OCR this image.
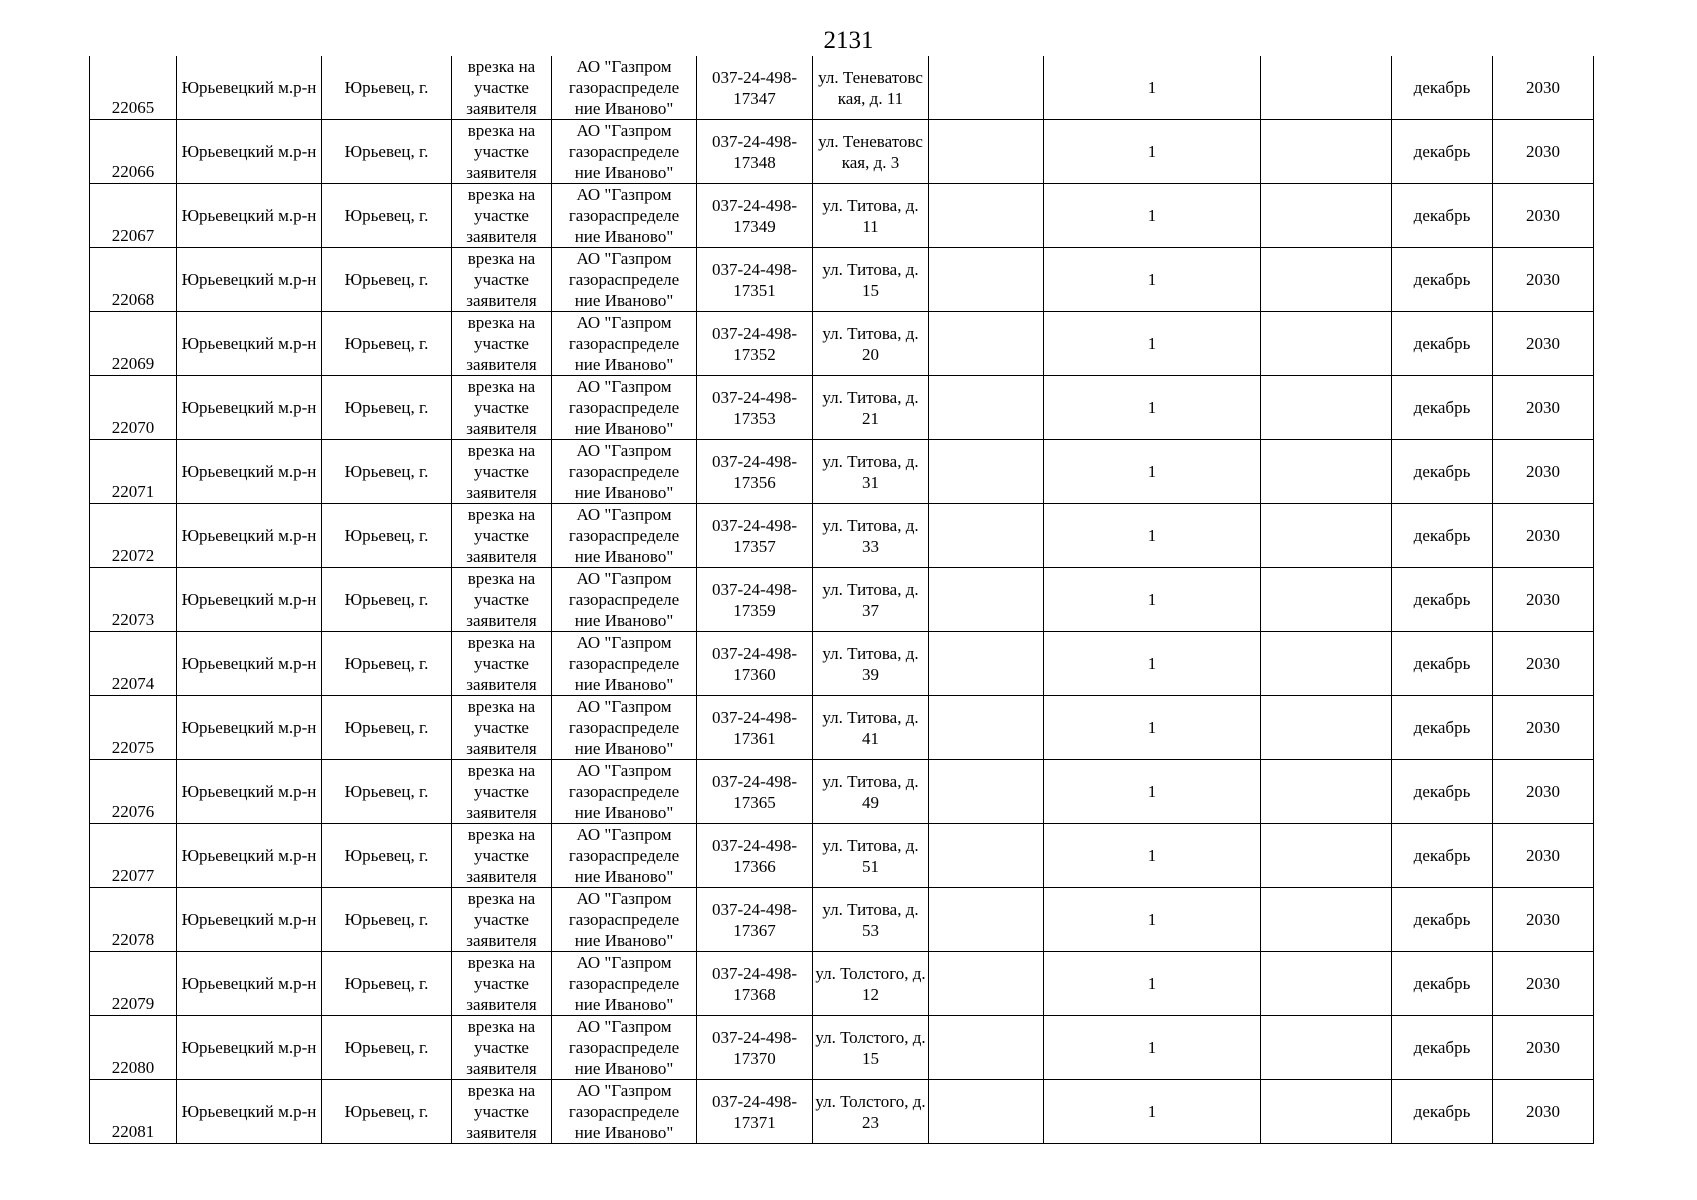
2131
22065	Юрьевецкий м.р-н	Юрьевец, г.	врезка на участке заявителя	АО "Газпром газораспределе ние Иваново"	037-24-498-17347	ул. Теневатовс кая, д. 11		1		декабрь	2030
22066	Юрьевецкий м.р-н	Юрьевец, г.	врезка на участке заявителя	АО "Газпром газораспределе ние Иваново"	037-24-498-17348	ул. Теневатовс кая, д. 3		1		декабрь	2030
22067	Юрьевецкий м.р-н	Юрьевец, г.	врезка на участке заявителя	АО "Газпром газораспределе ние Иваново"	037-24-498-17349	ул. Титова, д. 11		1		декабрь	2030
22068	Юрьевецкий м.р-н	Юрьевец, г.	врезка на участке заявителя	АО "Газпром газораспределе ние Иваново"	037-24-498-17351	ул. Титова, д. 15		1		декабрь	2030
22069	Юрьевецкий м.р-н	Юрьевец, г.	врезка на участке заявителя	АО "Газпром газораспределе ние Иваново"	037-24-498-17352	ул. Титова, д. 20		1		декабрь	2030
22070	Юрьевецкий м.р-н	Юрьевец, г.	врезка на участке заявителя	АО "Газпром газораспределе ние Иваново"	037-24-498-17353	ул. Титова, д. 21		1		декабрь	2030
22071	Юрьевецкий м.р-н	Юрьевец, г.	врезка на участке заявителя	АО "Газпром газораспределе ние Иваново"	037-24-498-17356	ул. Титова, д. 31		1		декабрь	2030
22072	Юрьевецкий м.р-н	Юрьевец, г.	врезка на участке заявителя	АО "Газпром газораспределе ние Иваново"	037-24-498-17357	ул. Титова, д. 33		1		декабрь	2030
22073	Юрьевецкий м.р-н	Юрьевец, г.	врезка на участке заявителя	АО "Газпром газораспределе ние Иваново"	037-24-498-17359	ул. Титова, д. 37		1		декабрь	2030
22074	Юрьевецкий м.р-н	Юрьевец, г.	врезка на участке заявителя	АО "Газпром газораспределе ние Иваново"	037-24-498-17360	ул. Титова, д. 39		1		декабрь	2030
22075	Юрьевецкий м.р-н	Юрьевец, г.	врезка на участке заявителя	АО "Газпром газораспределе ние Иваново"	037-24-498-17361	ул. Титова, д. 41		1		декабрь	2030
22076	Юрьевецкий м.р-н	Юрьевец, г.	врезка на участке заявителя	АО "Газпром газораспределе ние Иваново"	037-24-498-17365	ул. Титова, д. 49		1		декабрь	2030
22077	Юрьевецкий м.р-н	Юрьевец, г.	врезка на участке заявителя	АО "Газпром газораспределе ние Иваново"	037-24-498-17366	ул. Титова, д. 51		1		декабрь	2030
22078	Юрьевецкий м.р-н	Юрьевец, г.	врезка на участке заявителя	АО "Газпром газораспределе ние Иваново"	037-24-498-17367	ул. Титова, д. 53		1		декабрь	2030
22079	Юрьевецкий м.р-н	Юрьевец, г.	врезка на участке заявителя	АО "Газпром газораспределе ние Иваново"	037-24-498-17368	ул. Толстого, д. 12		1		декабрь	2030
22080	Юрьевецкий м.р-н	Юрьевец, г.	врезка на участке заявителя	АО "Газпром газораспределе ние Иваново"	037-24-498-17370	ул. Толстого, д. 15		1		декабрь	2030
22081	Юрьевецкий м.р-н	Юрьевец, г.	врезка на участке заявителя	АО "Газпром газораспределе ние Иваново"	037-24-498-17371	ул. Толстого, д. 23		1		декабрь	2030
